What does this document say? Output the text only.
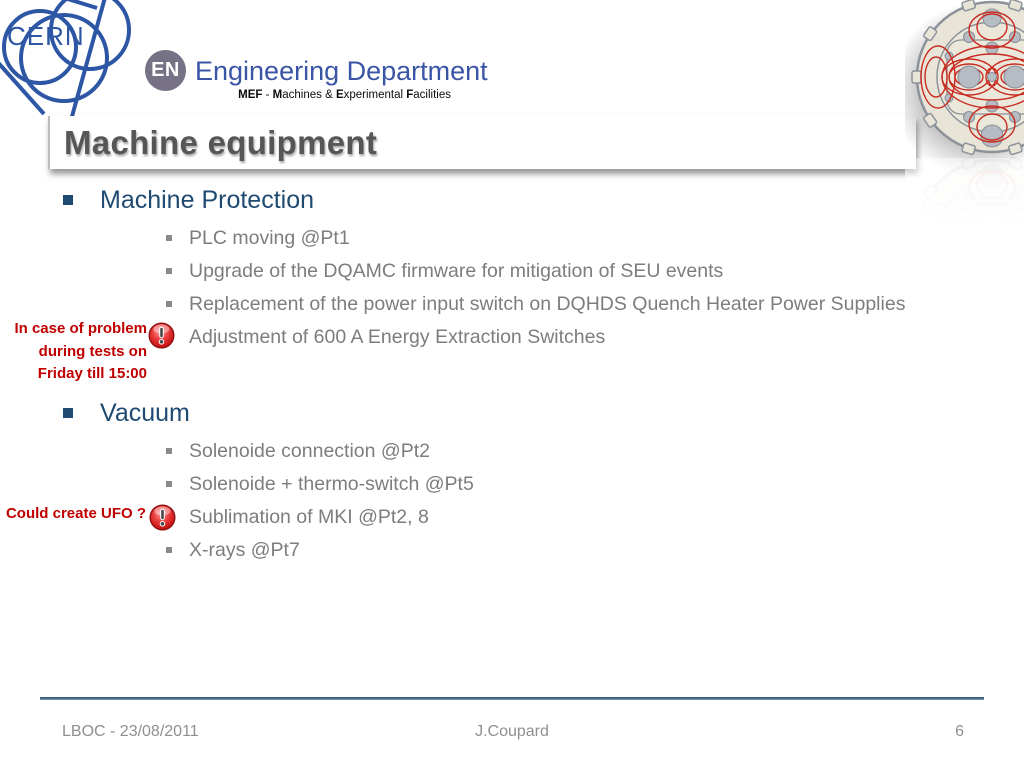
CERN
EN Engineering Department
MEF - Machines & Experimental Facilities
Machine equipment
Machine Protection
PLC moving @Pt1
Upgrade of the DQAMC firmware for mitigation of SEU events
Replacement of the power input switch on DQHDS Quench Heater Power Supplies
Adjustment of 600 A Energy Extraction Switches
In case of problem
during tests on
Friday till 15:00
Vacuum
Solenoide connection @Pt2
Solenoide + thermo-switch @Pt5
Sublimation of MKI @Pt2, 8
X-rays @Pt7
Could create UFO ?
J.Coupard
LBOC - 23/08/2011	6
